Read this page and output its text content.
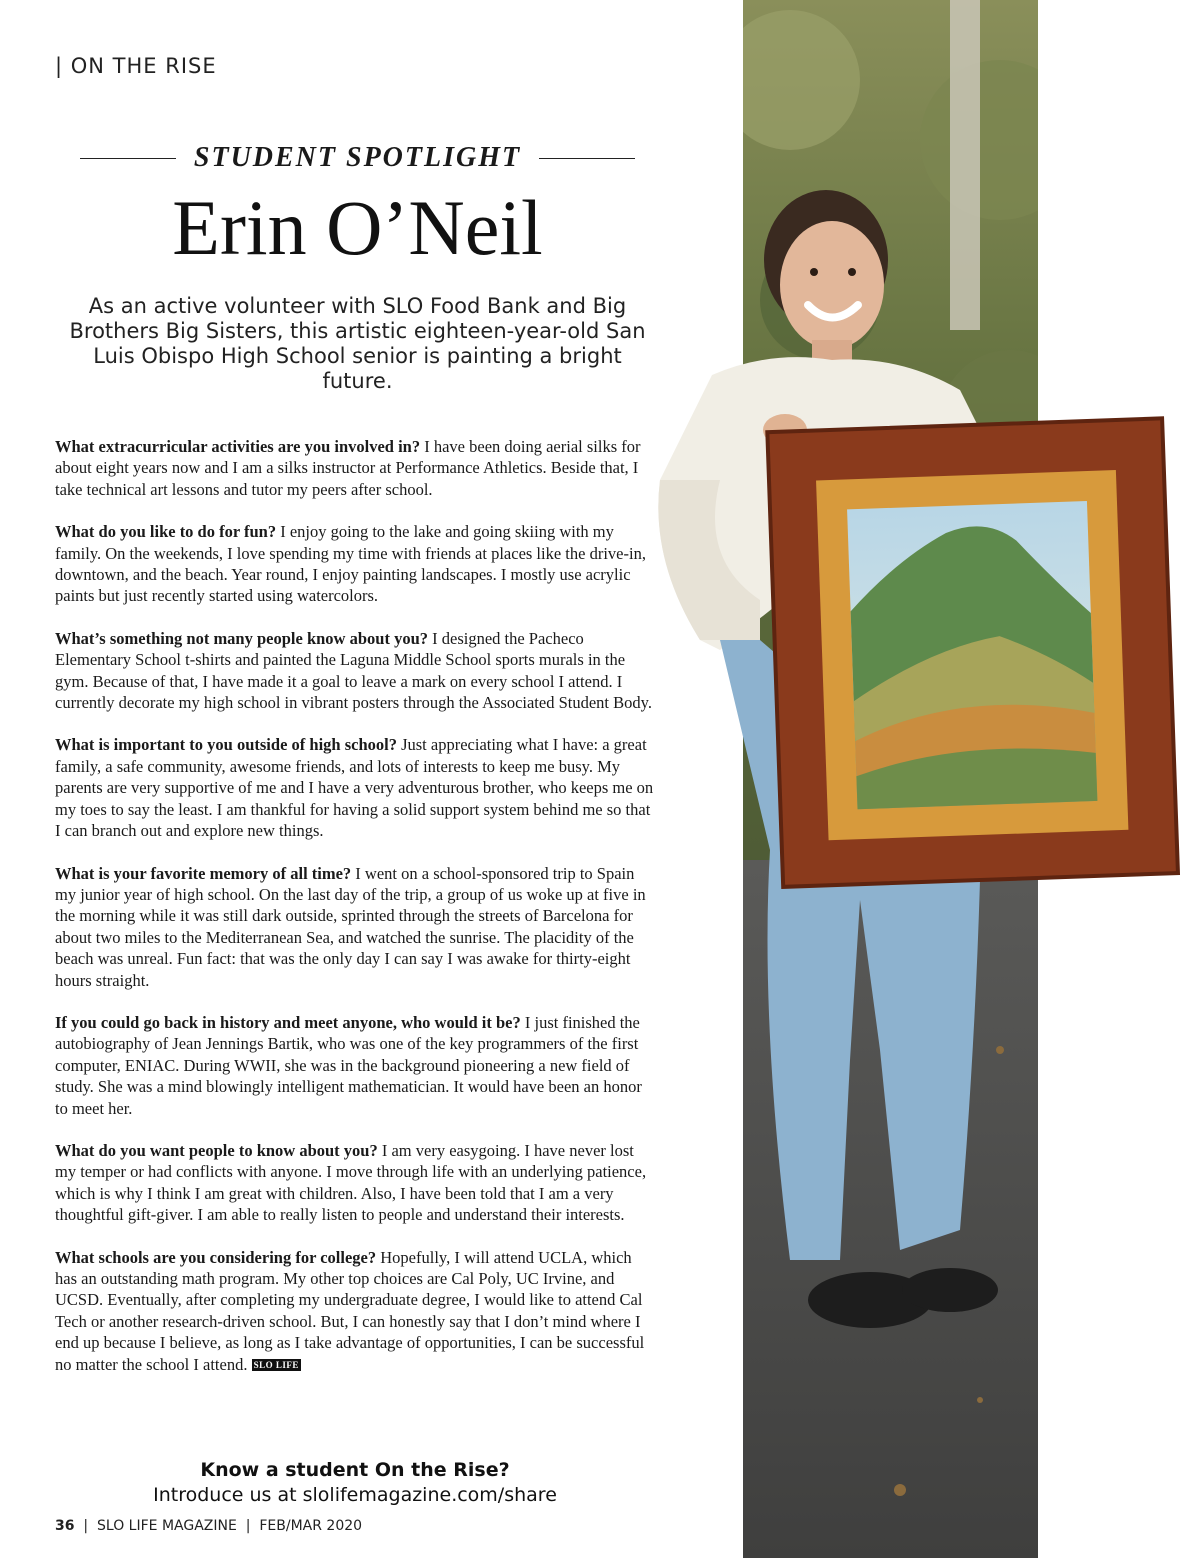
| ON THE RISE
STUDENT SPOTLIGHT
Erin O’Neil
As an active volunteer with SLO Food Bank and Big Brothers Big Sisters, this artistic eighteen-year-old San Luis Obispo High School senior is painting a bright future.

What extracurricular activities are you involved in? I have been doing aerial silks for about eight years now and I am a silks instructor at Performance Athletics. Beside that, I take technical art lessons and tutor my peers after school.

What do you like to do for fun? I enjoy going to the lake and going skiing with my family. On the weekends, I love spending my time with friends at places like the drive-in, downtown, and the beach. Year round, I enjoy painting landscapes. I mostly use acrylic paints but just recently started using watercolors.

What’s something not many people know about you? I designed the Pacheco Elementary School t-shirts and painted the Laguna Middle School sports murals in the gym. Because of that, I have made it a goal to leave a mark on every school I attend. I currently decorate my high school in vibrant posters through the Associated Student Body.

What is important to you outside of high school? Just appreciating what I have: a great family, a safe community, awesome friends, and lots of interests to keep me busy. My parents are very supportive of me and I have a very adventurous brother, who keeps me on my toes to say the least. I am thankful for having a solid support system behind me so that I can branch out and explore new things.

What is your favorite memory of all time? I went on a school-sponsored trip to Spain my junior year of high school. On the last day of the trip, a group of us woke up at five in the morning while it was still dark outside, sprinted through the streets of Barcelona for about two miles to the Mediterranean Sea, and watched the sunrise. The placidity of the beach was unreal. Fun fact: that was the only day I can say I was awake for thirty-eight hours straight.

If you could go back in history and meet anyone, who would it be? I just finished the autobiography of Jean Jennings Bartik, who was one of the key programmers of the first computer, ENIAC. During WWII, she was in the background pioneering a new field of study. She was a mind blowingly intelligent mathematician. It would have been an honor to meet her.

What do you want people to know about you? I am very easygoing. I have never lost my temper or had conflicts with anyone. I move through life with an underlying patience, which is why I think I am great with children. Also, I have been told that I am a very thoughtful gift-giver. I am able to really listen to people and understand their interests.

What schools are you considering for college? Hopefully, I will attend UCLA, which has an outstanding math program. My other top choices are Cal Poly, UC Irvine, and UCSD. Eventually, after completing my undergraduate degree, I would like to attend Cal Tech or another research-driven school. But, I can honestly say that I don’t mind where I end up because I believe, as long as I take advantage of opportunities, I can be successful no matter the school I attend. SLO LIFE

Know a student On the Rise?
Introduce us at slolifemagazine.com/share
36  |  SLO LIFE MAGAZINE  |  FEB/MAR 2020
